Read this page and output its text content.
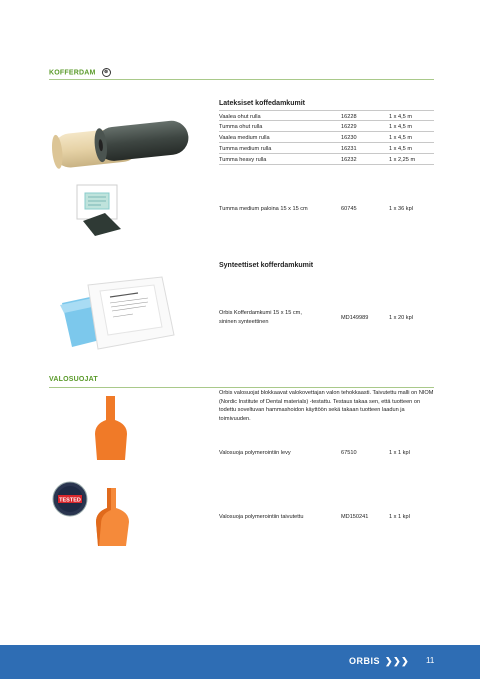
KOFFERDAM ⊗
Lateksiset koffedamkumit
Vaalea ohut rulla	16228	1 x 4,5 m
Tumma ohut rulla	16229	1 x 4,5 m
Vaalea medium rulla	16230	1 x 4,5 m
Tumma medium rulla	16231	1 x 4,5 m
Tumma heavy rulla	16232	1 x 2,25 m
Tumma medium paloina 15 x 15 cm	60745	1 x 36 kpl
Synteettiset kofferdamkumit
Orbis Kofferdamkumi 15 x 15 cm,
sininen synteettinen
MD149989	1 x 20 kpl
VALOSUOJAT
Orbis valosuojat blokkaavat valokovettajan valon tehokkaasti. Taivutettu malli on NIOM (Nordic Institute of Dental materials) -testattu. Testaus takaa sen, että tuotteen on todettu soveltuvan hammashoidon käyttöön sekä takaan tuotteen laadun ja toimivuuden.
Valosuoja polymerointiin levy	67510	1 x 1 kpl
TESTED
Valosuoja polymerointiin taivutettu	MD150241	1 x 1 kpl
ORBIS ❯❯❯ 11
